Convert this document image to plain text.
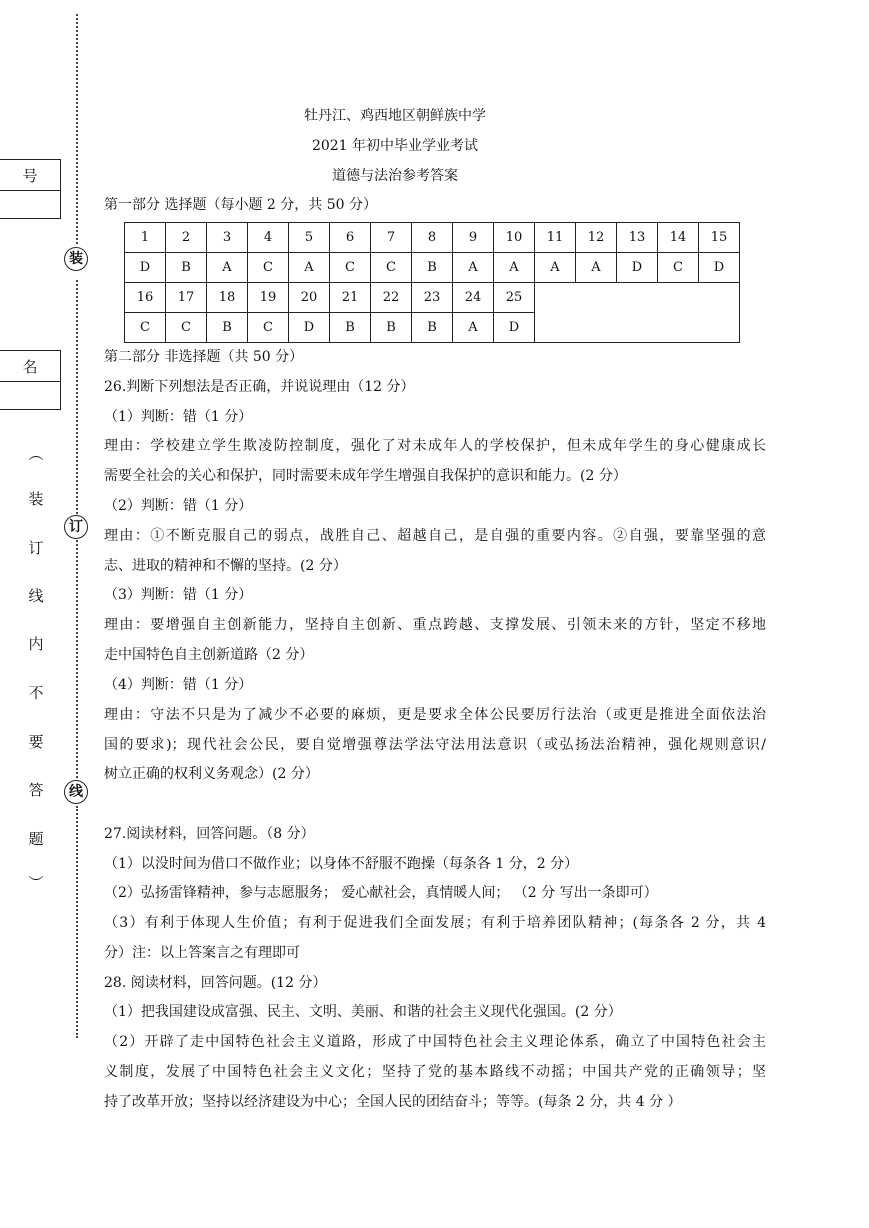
装
订
线
号
名
︵
装
订
线
内
不
要
答
题
︶
牡丹江、鸡西地区朝鲜族中学
2021 年初中毕业学业考试
道德与法治参考答案
第一部分 选择题（每小题 2 分，共 50 分）
1	2	3	4	5	6	7	8	9	10	11	12	13	14	15
D	B	A	C	A	C	C	B	A	A	A	A	D	C	D
16	17	18	19	20	21	22	23	24	25					
C	C	B	C	D	B	B	B	A	D					
第二部分 非选择题（共 50 分）
26.判断下列想法是否正确，并说说理由（12 分）
（1）判断：错（1 分）
理由：学校建立学生欺凌防控制度，强化了对未成年人的学校保护，但未成年学生的身心健康成长
需要全社会的关心和保护，同时需要未成年学生增强自我保护的意识和能力。(2 分）
（2）判断：错（1 分）
理由：①不断克服自己的弱点，战胜自己、超越自己，是自强的重要内容。②自强，要靠坚强的意
志、进取的精神和不懈的坚持。(2 分）
（3）判断：错（1 分）
理由：要增强自主创新能力，坚持自主创新、重点跨越、支撑发展、引领未来的方针，坚定不移地
走中国特色自主创新道路（2 分）
（4）判断：错（1 分）
理由：守法不只是为了减少不必要的麻烦，更是要求全体公民要厉行法治（或更是推进全面依法治
国的要求)；现代社会公民，要自觉增强尊法学法守法用法意识（或弘扬法治精神，强化规则意识/
树立正确的权利义务观念）(2 分）
27.阅读材料，回答问题。（8 分）
（1）以没时间为借口不做作业；以身体不舒服不跑操（每条各 1 分，2 分）
（2）弘扬雷锋精神，参与志愿服务； 爱心献社会，真情暖人间； （2 分 写出一条即可）
（3）有利于体现人生价值；有利于促进我们全面发展；有利于培养团队精神；(每条各 2 分，共 4
分）注：以上答案言之有理即可
28. 阅读材料，回答问题。(12 分）
（1）把我国建设成富强、民主、文明、美丽、和谐的社会主义现代化强国。(2 分）
（2）开辟了走中国特色社会主义道路，形成了中国特色社会主义理论体系，确立了中国特色社会主
义制度，发展了中国特色社会主义文化；坚持了党的基本路线不动摇；中国共产党的正确领导；坚
持了改革开放；坚持以经济建设为中心；全国人民的团结奋斗；等等。(每条 2 分，共 4 分 ）
